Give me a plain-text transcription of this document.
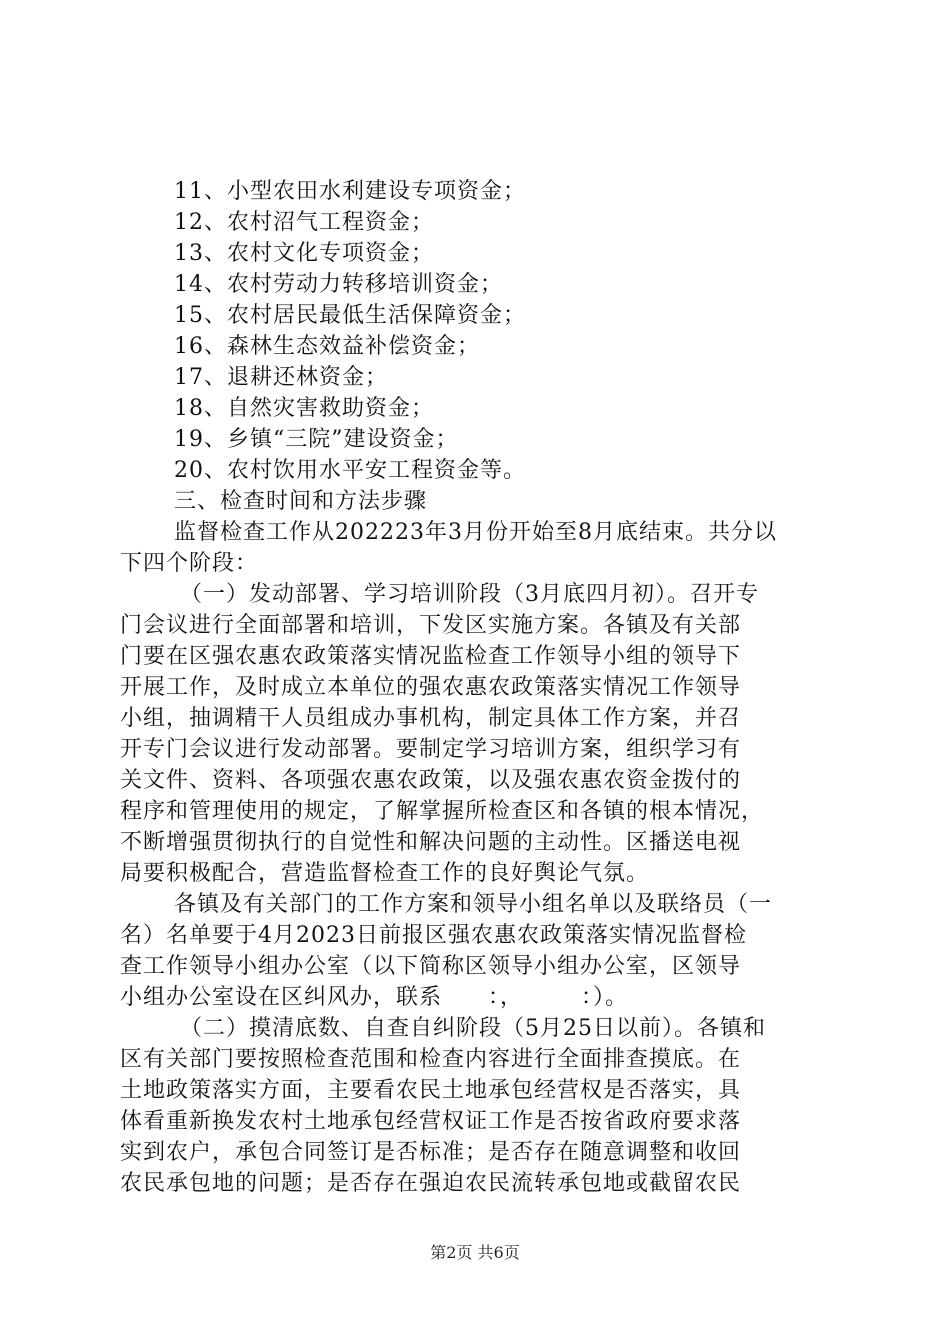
11、小型农田水利建设专项资金；
12、农村沼气工程资金；
13、农村文化专项资金；
14、农村劳动力转移培训资金；
15、农村居民最低生活保障资金；
16、森林生态效益补偿资金；
17、退耕还林资金；
18、自然灾害救助资金；
19、乡镇“三院”建设资金；
20、农村饮用水平安工程资金等。
三、检查时间和方法步骤
监督检查工作从202223年3月份开始至8月底结束。共分以
下四个阶段：
（一）发动部署、学习培训阶段（3月底四月初）。召开专
门会议进行全面部署和培训，下发区实施方案。各镇及有关部
门要在区强农惠农政策落实情况监检查工作领导小组的领导下
开展工作，及时成立本单位的强农惠农政策落实情况工作领导
小组，抽调精干人员组成办事机构，制定具体工作方案，并召
开专门会议进行发动部署。要制定学习培训方案，组织学习有
关文件、资料、各项强农惠农政策，以及强农惠农资金拨付的
程序和管理使用的规定，了解掌握所检查区和各镇的根本情况，
不断增强贯彻执行的自觉性和解决问题的主动性。区播送电视
局要积极配合，营造监督检查工作的良好舆论气氛。
各镇及有关部门的工作方案和领导小组名单以及联络员（一
名）名单要于4月2023日前报区强农惠农政策落实情况监督检
查工作领导小组办公室（以下简称区领导小组办公室，区领导
小组办公室设在区纠风办，联系　　：，　　　：）。
（二）摸清底数、自查自纠阶段（5月25日以前）。各镇和
区有关部门要按照检查范围和检查内容进行全面排查摸底。在
土地政策落实方面，主要看农民土地承包经营权是否落实，具
体看重新换发农村土地承包经营权证工作是否按省政府要求落
实到农户，承包合同签订是否标准；是否存在随意调整和收回
农民承包地的问题；是否存在强迫农民流转承包地或截留农民
第2页 共6页
